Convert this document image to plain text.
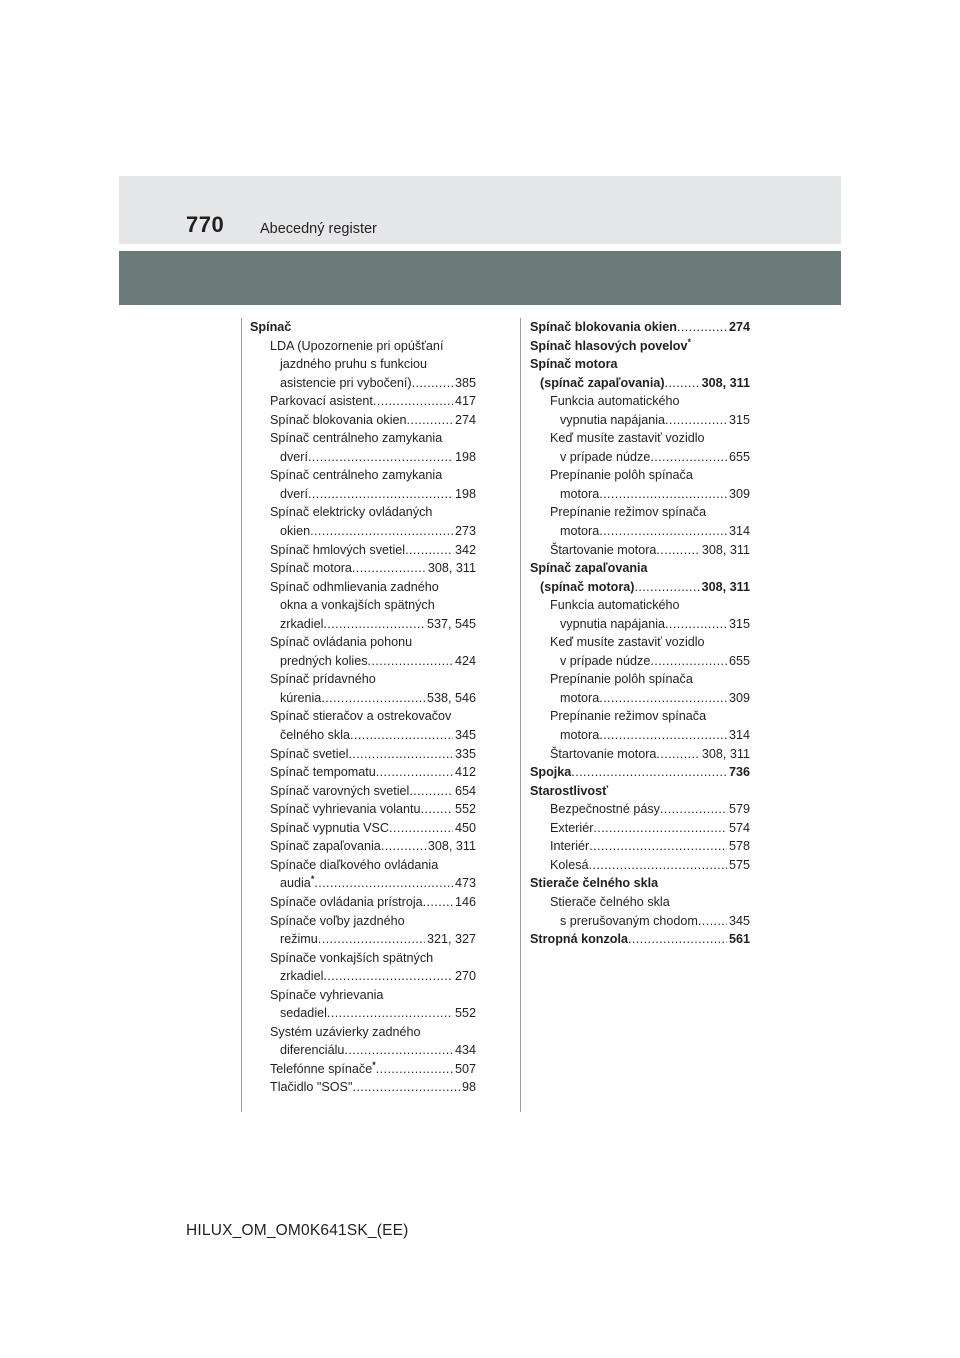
770 Abecedný register
Spínač
LDA (Upozornenie pri opúšťaní
jazdného pruhu s funkciou
asistencie pri vybočení) .....	385
Parkovací asistent .....	417
Spínač blokovania okien .....	274
Spínač centrálneho zamykania
dverí .....	198
Spínač centrálneho zamykania
dverí .....	198
Spínač elektricky ovládaných
okien .....	273
Spínač hmlových svetiel .....	342
Spínač motora .....	308, 311
Spínač odhmlievania zadného
okna a vonkajších spätných
zrkadiel .....	537, 545
Spínač ovládania pohonu
predných kolies .....	424
Spínač prídavného
kúrenia .....	538, 546
Spínač stieračov a ostrekovačov
čelného skla .....	345
Spínač svetiel .....	335
Spínač tempomatu .....	412
Spínač varovných svetiel .....	654
Spínač vyhrievania volantu .....	552
Spínač vypnutia VSC .....	450
Spínač zapaľovania .....	308, 311
Spínače diaľkového ovládania
audia* .....	473
Spínače ovládania prístroja .....	146
Spínače voľby jazdného
režimu .....	321, 327
Spínače vonkajších spätných
zrkadiel .....	270
Spínače vyhrievania
sedadiel .....	552
Systém uzávierky zadného
diferenciálu .....	434
Telefónne spínače* .....	507
Tlačidlo "SOS" .....	98
Spínač blokovania okien .....	274
Spínač hlasových povelov*
Spínač motora
(spínač zapaľovania) .....	308, 311
Funkcia automatického
vypnutia napájania .....	315
Keď musíte zastaviť vozidlo
v prípade núdze .....	655
Prepínanie polôh spínača
motora .....	309
Prepínanie režimov spínača
motora .....	314
Štartovanie motora .....	308, 311
Spínač zapaľovania
(spínač motora) .....	308, 311
Funkcia automatického
vypnutia napájania .....	315
Keď musíte zastaviť vozidlo
v prípade núdze .....	655
Prepínanie polôh spínača
motora .....	309
Prepínanie režimov spínača
motora .....	314
Štartovanie motora .....	308, 311
Spojka .....	736
Starostlivosť
Bezpečnostné pásy .....	579
Exteriér .....	574
Interiér .....	578
Kolesá .....	575
Stierače čelného skla
Stierače čelného skla
s prerušovaným chodom ..... 345
Stropná konzola .....	561
HILUX_OM_OM0K641SK_(EE)
